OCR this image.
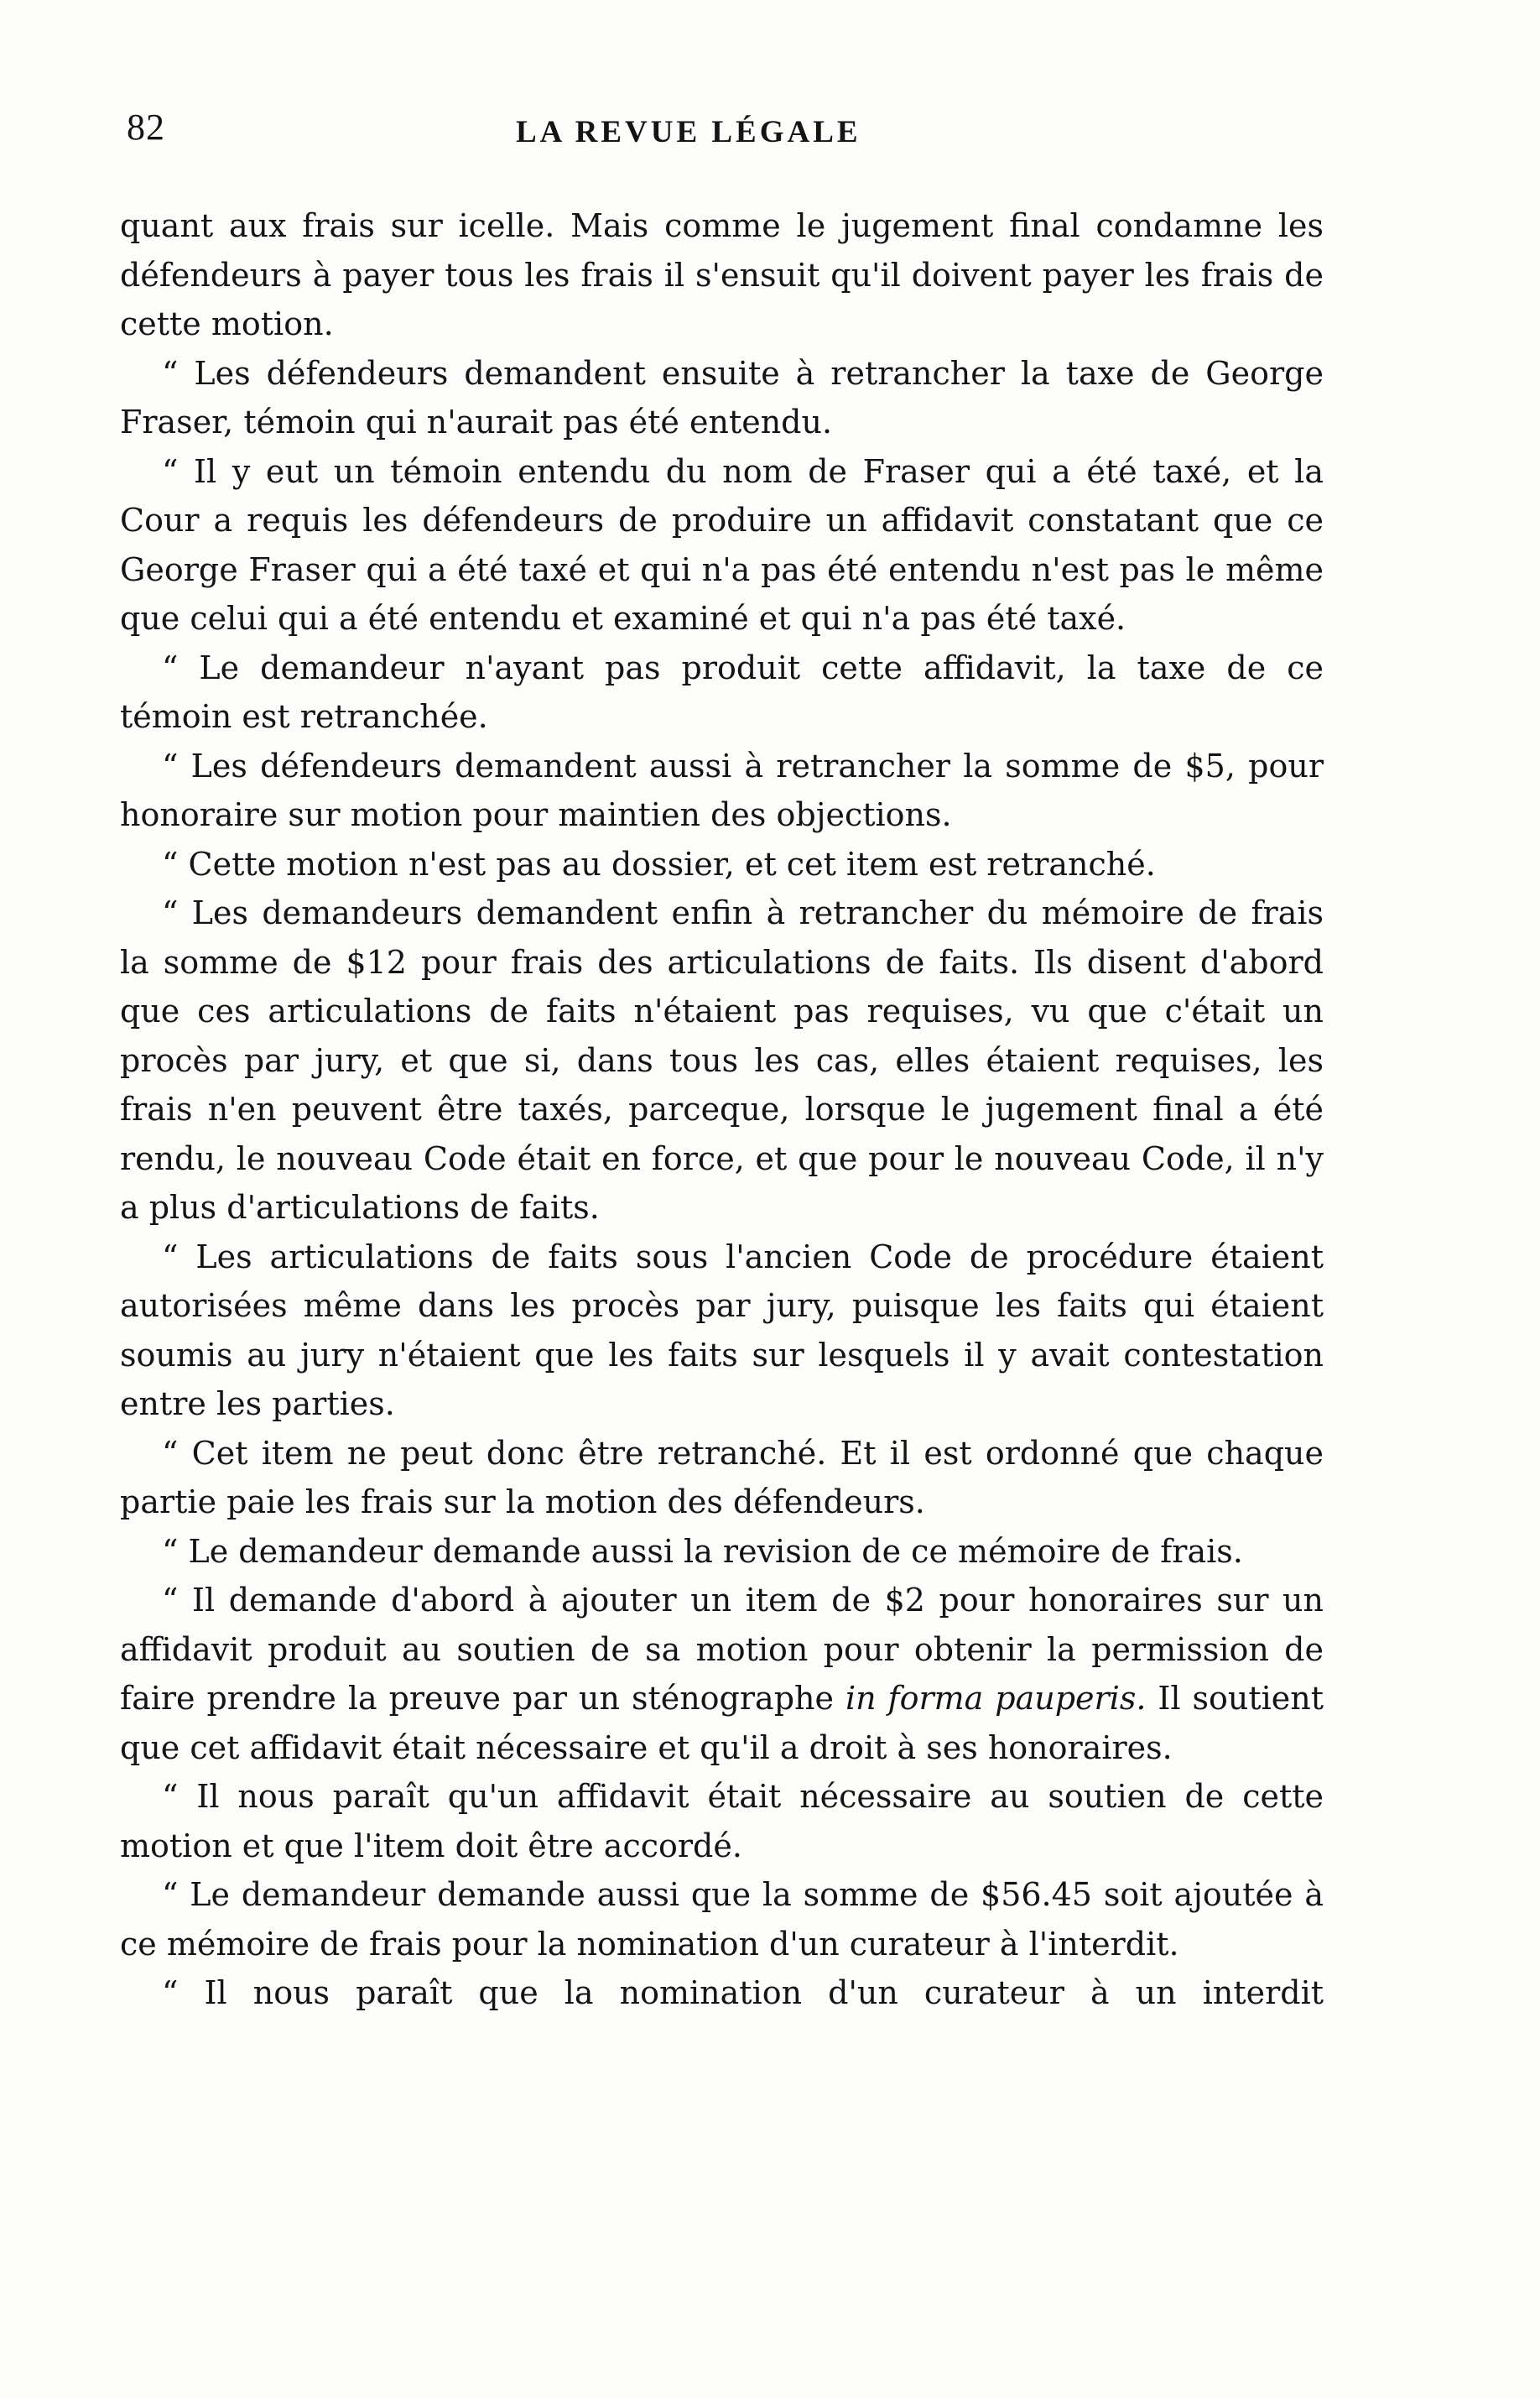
82	LA REVUE LÉGALE

quant aux frais sur icelle. Mais comme le jugement final condamne les défendeurs à payer tous les frais il s'ensuit qu'il doivent payer les frais de cette motion.

“ Les défendeurs demandent ensuite à retrancher la taxe de George Fraser, témoin qui n'aurait pas été entendu.

“ Il y eut un témoin entendu du nom de Fraser qui a été taxé, et la Cour a requis les défendeurs de produire un affidavit constatant que ce George Fraser qui a été taxé et qui n'a pas été entendu n'est pas le même que celui qui a été entendu et examiné et qui n'a pas été taxé.

“ Le demandeur n'ayant pas produit cette affidavit, la taxe de ce témoin est retranchée.

“ Les défendeurs demandent aussi à retrancher la somme de $5, pour honoraire sur motion pour maintien des objections.

“ Cette motion n'est pas au dossier, et cet item est retranché.

“ Les demandeurs demandent enfin à retrancher du mémoire de frais la somme de $12 pour frais des articulations de faits. Ils disent d'abord que ces articulations de faits n'étaient pas requises, vu que c'était un procès par jury, et que si, dans tous les cas, elles étaient requises, les frais n'en peuvent être taxés, parceque, lorsque le jugement final a été rendu, le nouveau Code était en force, et que pour le nouveau Code, il n'y a plus d'articulations de faits.

“ Les articulations de faits sous l'ancien Code de procédure étaient autorisées même dans les procès par jury, puisque les faits qui étaient soumis au jury n'étaient que les faits sur lesquels il y avait contestation entre les parties.

“ Cet item ne peut donc être retranché. Et il est ordonné que chaque partie paie les frais sur la motion des défendeurs.

“ Le demandeur demande aussi la revision de ce mémoire de frais.

“ Il demande d'abord à ajouter un item de $2 pour honoraires sur un affidavit produit au soutien de sa motion pour obtenir la permission de faire prendre la preuve par un sténographe in forma pauperis. Il soutient que cet affidavit était nécessaire et qu'il a droit à ses honoraires.

“ Il nous paraît qu'un affidavit était nécessaire au soutien de cette motion et que l'item doit être accordé.

“ Le demandeur demande aussi que la somme de $56.45 soit ajoutée à ce mémoire de frais pour la nomination d'un curateur à l'interdit.

“ Il nous paraît que la nomination d'un curateur à un interdit
